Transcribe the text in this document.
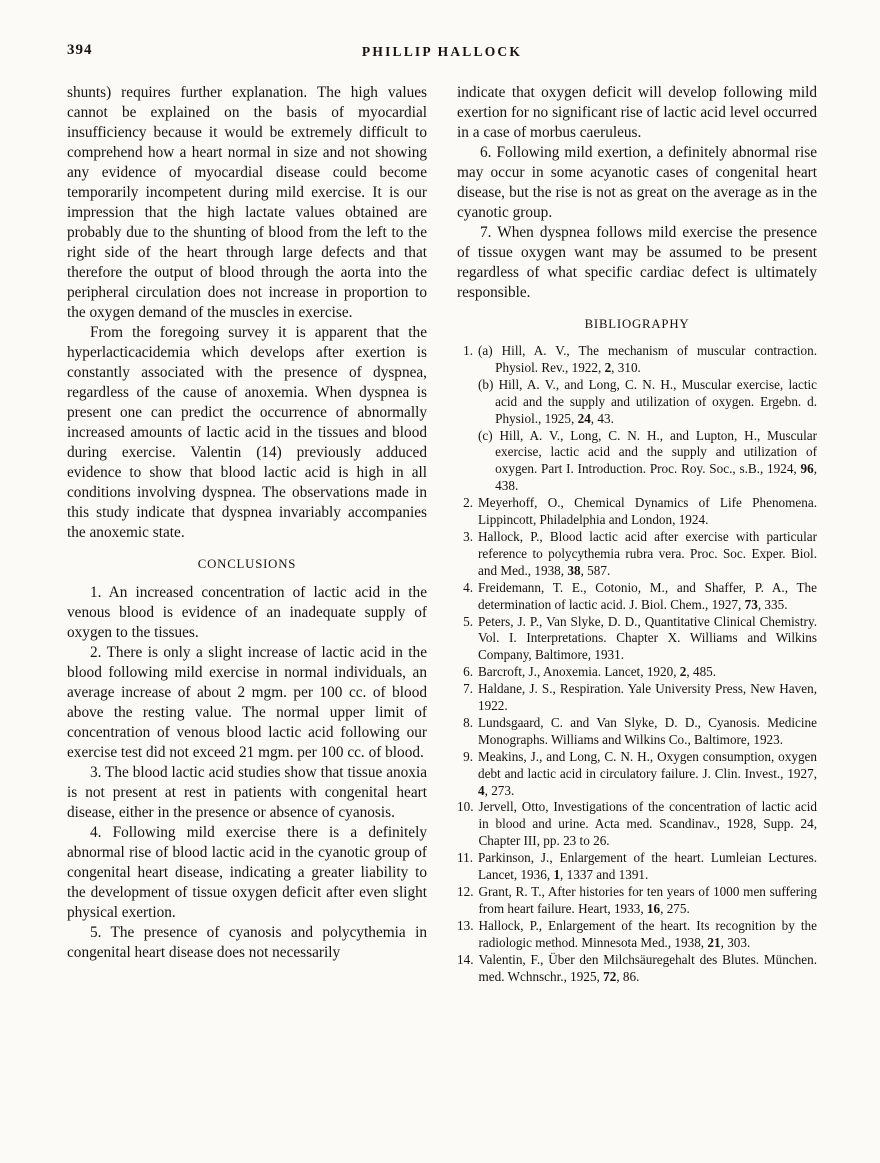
394	PHILLIP HALLOCK

shunts) requires further explanation. The high values cannot be explained on the basis of myocardial insufficiency because it would be extremely difficult to comprehend how a heart normal in size and not showing any evidence of myocardial disease could become temporarily incompetent during mild exercise. It is our impression that the high lactate values obtained are probably due to the shunting of blood from the left to the right side of the heart through large defects and that therefore the output of blood through the aorta into the peripheral circulation does not increase in proportion to the oxygen demand of the muscles in exercise.

From the foregoing survey it is apparent that the hyperlacticacidemia which develops after exertion is constantly associated with the presence of dyspnea, regardless of the cause of anoxemia. When dyspnea is present one can predict the occurrence of abnormally increased amounts of lactic acid in the tissues and blood during exercise. Valentin (14) previously adduced evidence to show that blood lactic acid is high in all conditions involving dyspnea. The observations made in this study indicate that dyspnea invariably accompanies the anoxemic state.

CONCLUSIONS

1. An increased concentration of lactic acid in the venous blood is evidence of an inadequate supply of oxygen to the tissues.

2. There is only a slight increase of lactic acid in the blood following mild exercise in normal individuals, an average increase of about 2 mgm. per 100 cc. of blood above the resting value. The normal upper limit of concentration of venous blood lactic acid following our exercise test did not exceed 21 mgm. per 100 cc. of blood.

3. The blood lactic acid studies show that tissue anoxia is not present at rest in patients with congenital heart disease, either in the presence or absence of cyanosis.

4. Following mild exercise there is a definitely abnormal rise of blood lactic acid in the cyanotic group of congenital heart disease, indicating a greater liability to the development of tissue oxygen deficit after even slight physical exertion.

5. The presence of cyanosis and polycythemia in congenital heart disease does not necessarily

indicate that oxygen deficit will develop following mild exertion for no significant rise of lactic acid level occurred in a case of morbus caeruleus.

6. Following mild exertion, a definitely abnormal rise may occur in some acyanotic cases of congenital heart disease, but the rise is not as great on the average as in the cyanotic group.

7. When dyspnea follows mild exercise the presence of tissue oxygen want may be assumed to be present regardless of what specific cardiac defect is ultimately responsible.

BIBLIOGRAPHY
1. (a) Hill, A. V., The mechanism of muscular contraction. Physiol. Rev., 1922, 2, 310.
(b) Hill, A. V., and Long, C. N. H., Muscular exercise, lactic acid and the supply and utilization of oxygen. Ergebn. d. Physiol., 1925, 24, 43.
(c) Hill, A. V., Long, C. N. H., and Lupton, H., Muscular exercise, lactic acid and the supply and utilization of oxygen. Part I. Introduction. Proc. Roy. Soc., s.B., 1924, 96, 438.
2. Meyerhoff, O., Chemical Dynamics of Life Phenomena. Lippincott, Philadelphia and London, 1924.
3. Hallock, P., Blood lactic acid after exercise with particular reference to polycythemia rubra vera. Proc. Soc. Exper. Biol. and Med., 1938, 38, 587.
4. Freidemann, T. E., Cotonio, M., and Shaffer, P. A., The determination of lactic acid. J. Biol. Chem., 1927, 73, 335.
5. Peters, J. P., Van Slyke, D. D., Quantitative Clinical Chemistry. Vol. I. Interpretations. Chapter X. Williams and Wilkins Company, Baltimore, 1931.
6. Barcroft, J., Anoxemia. Lancet, 1920, 2, 485.
7. Haldane, J. S., Respiration. Yale University Press, New Haven, 1922.
8. Lundsgaard, C. and Van Slyke, D. D., Cyanosis. Medicine Monographs. Williams and Wilkins Co., Baltimore, 1923.
9. Meakins, J., and Long, C. N. H., Oxygen consumption, oxygen debt and lactic acid in circulatory failure. J. Clin. Invest., 1927, 4, 273.
10. Jervell, Otto, Investigations of the concentration of lactic acid in blood and urine. Acta med. Scandinav., 1928, Supp. 24, Chapter III, pp. 23 to 26.
11. Parkinson, J., Enlargement of the heart. Lumleian Lectures. Lancet, 1936, 1, 1337 and 1391.
12. Grant, R. T., After histories for ten years of 1000 men suffering from heart failure. Heart, 1933, 16, 275.
13. Hallock, P., Enlargement of the heart. Its recognition by the radiologic method. Minnesota Med., 1938, 21, 303.
14. Valentin, F., Über den Milchsäuregehalt des Blutes. München. med. Wchnschr., 1925, 72, 86.
